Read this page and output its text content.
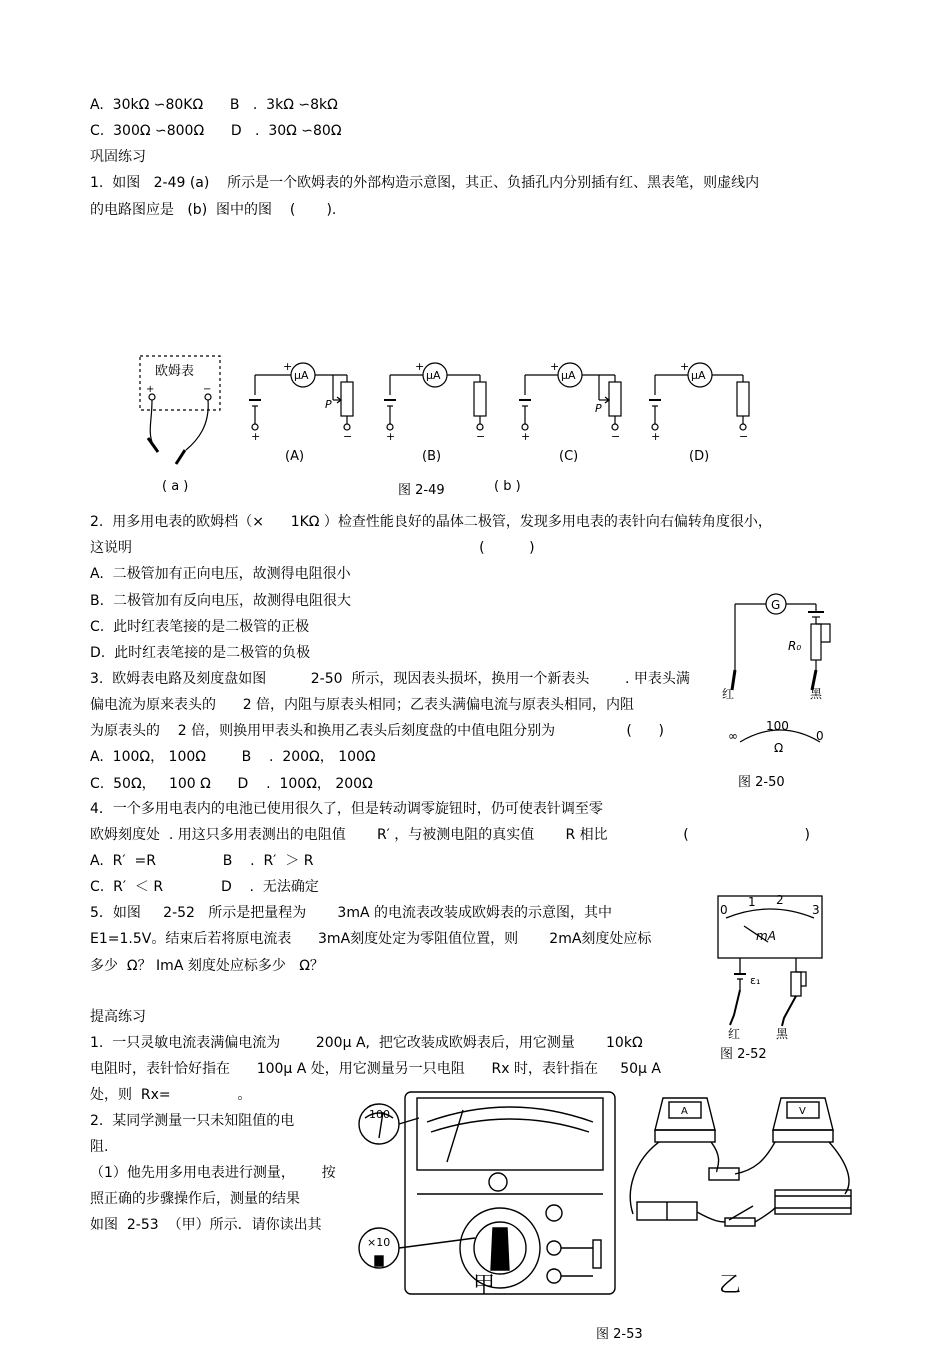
A.  30kΩ ∽80KΩ      B   .  3kΩ ∽8kΩ
C.  300Ω ∽800Ω      D   .  30Ω ∽80Ω
巩固练习
1.  如图   2-49 (a)    所示是一个欧姆表的外部构造示意图，其正、负插孔内分别插有红、黑表笔，则虚线内
的电路图应是   (b)  图中的图    (       ).
2.  用多用电表的欧姆档（×      1KΩ ）检查性能良好的晶体二极管，发现多用电表的表针向右偏转角度很小，
这说明                                                                              (          )
A.  二极管加有正向电压，故测得电阻很小
B.  二极管加有反向电压，故测得电阻很大
C.  此时红表笔接的是二极管的正极
D.  此时红表笔接的是二极管的负极
3.  欧姆表电路及刻度盘如图          2-50  所示，现因表头损坏，换用一个新表头        . 甲表头满
偏电流为原来表头的      2 倍，内阻与原表头相同；乙表头满偏电流与原表头相同，内阻
为原表头的    2 倍，则换用甲表头和换用乙表头后刻度盘的中值电阻分别为                (      )
A.  100Ω， 100Ω        B    .  200Ω， 100Ω
C.  50Ω，   100 Ω      D    .  100Ω， 200Ω
4．一个多用电表内的电池已使用很久了，但是转动调零旋钮时，仍可使表针调至零
欧姆刻度处  . 用这只多用表测出的电阻值       R′ ，与被测电阻的真实值       R 相比                 (                          )
A.  R′  =R               B    .  R′  ＞ R
C.  R′  ＜ R             D    .  无法确定
5．如图     2-52   所示是把量程为       3mA 的电流表改装成欧姆表的示意图，其中
E1=1.5V。结束后若将原电流表      3mA刻度处定为零阻值位置，则       2mA刻度处应标
多少  Ω？ ImA 刻度处应标多少   Ω？
提高练习
1.  一只灵敏电流表满偏电流为        200μ A,  把它改装成欧姆表后，用它测量       10kΩ
电阻时，表针恰好指在      100μ A 处，用它测量另一只电阻      Rx 时，表针指在     50μ A
处，则  Rx=               。
2.  某同学测量一只未知阻值的电
阻.
（1）他先用多用电表进行测量，      按
照正确的步骤操作后，测量的结果
如图  2-53  （甲）所示．请你读出其
欧姆表
+	−
( a )
μA
+
P
+	−
(A)
μA
+
+	−
(B)
μA
+
P
+	−
(C)
μA
+
+	−
(D)
图 2-49	( b )
G
R₀
红	黑
∞
100
0
Ω
图 2-50
0
1 2
3
mA
ε₁
红	黑
图 2-52
100
×10
甲
A	V
乙
图 2-53
